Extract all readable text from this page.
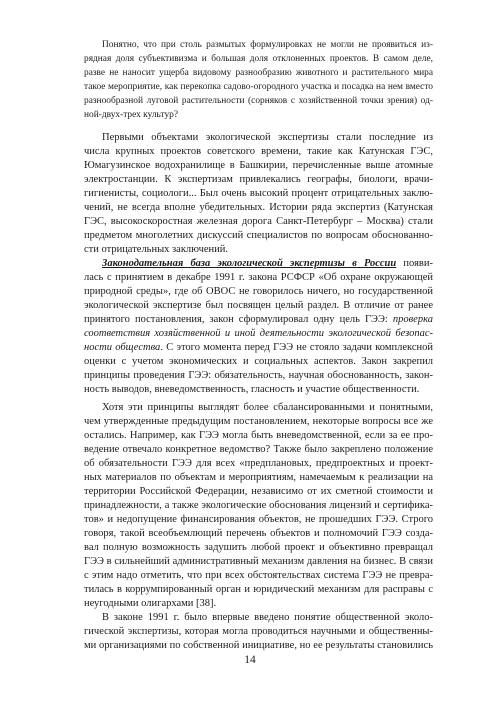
Понятно, что при столь размытых формулировках не могли не проявиться из-
рядная доля субъективизма и большая доля отклоненных проектов. В самом деле,
разве не наносит ущерба видовому разнообразию животного и растительного мира
такое мероприятие, как перекопка садово-огородного участка и посадка на нем вместо
разнообразной луговой растительности (сорняков с хозяйственной точки зрения) од-
ной-двух-трех культур?
Первыми объектами экологической экспертизы стали последние из
числа крупных проектов советского времени, такие как Катунская ГЭС,
Юмагузинское водохранилище в Башкирии, перечисленные выше атомные
электростанции. К экспертизам привлекались географы, биологи, врачи-
гигиенисты, социологи... Был очень высокий процент отрицательных заклю-
чений, не всегда вполне убедительных. Истории ряда экспертиз (Катунская
ГЭС, высокоскоростная железная дорога Санкт-Петербург – Москва) стали
предметом многолетних дискуссий специалистов по вопросам обоснованно-
сти отрицательных заключений.
Законодательная база экологической экспертизы в России появи-
лась с принятием в декабре 1991 г. закона РСФСР «Об охране окружающей
природной среды», где об ОВОС не говорилось ничего, но государственной
экологической экспертизе был посвящен целый раздел. В отличие от ранее
принятого постановления, закон сформулировал одну цель ГЭЭ: проверка
соответствия хозяйственной и иной деятельности экологической безопас-
ности общества. С этого момента перед ГЭЭ не стояло задачи комплексной
оценки с учетом экономических и социальных аспектов. Закон закрепил
принципы проведения ГЭЭ: обязательность, научная обоснованность, закон-
ность выводов, вневедомственность, гласность и участие общественности.
Хотя эти принципы выглядят более сбалансированными и понятными,
чем утвержденные предыдущим постановлением, некоторые вопросы все же
остались. Например, как ГЭЭ могла быть вневедомственной, если за ее про-
ведение отвечало конкретное ведомство? Также было закреплено положение
об обязательности ГЭЭ для всех «предплановых, предпроектных и проект-
ных материалов по объектам и мероприятиям, намечаемым к реализации на
территории Российской Федерации, независимо от их сметной стоимости и
принадлежности, а также экологические обоснования лицензий и сертифика-
тов» и недопущение финансирования объектов, не прошедших ГЭЭ. Строго
говоря, такой всеобъемлющий перечень объектов и полномочий ГЭЭ созда-
вал полную возможность задушить любой проект и объективно превращал
ГЭЭ в сильнейший административный механизм давления на бизнес. В связи
с этим надо отметить, что при всех обстоятельствах система ГЭЭ не превра-
тилась в коррумпированный орган и юридический механизм для расправы с
неугодными олигархами [38].
В законе 1991 г. было впервые введено понятие общественной эколо-
гической экспертизы, которая могла проводиться научными и общественны-
ми организациями по собственной инициативе, но ее результаты становились
14
